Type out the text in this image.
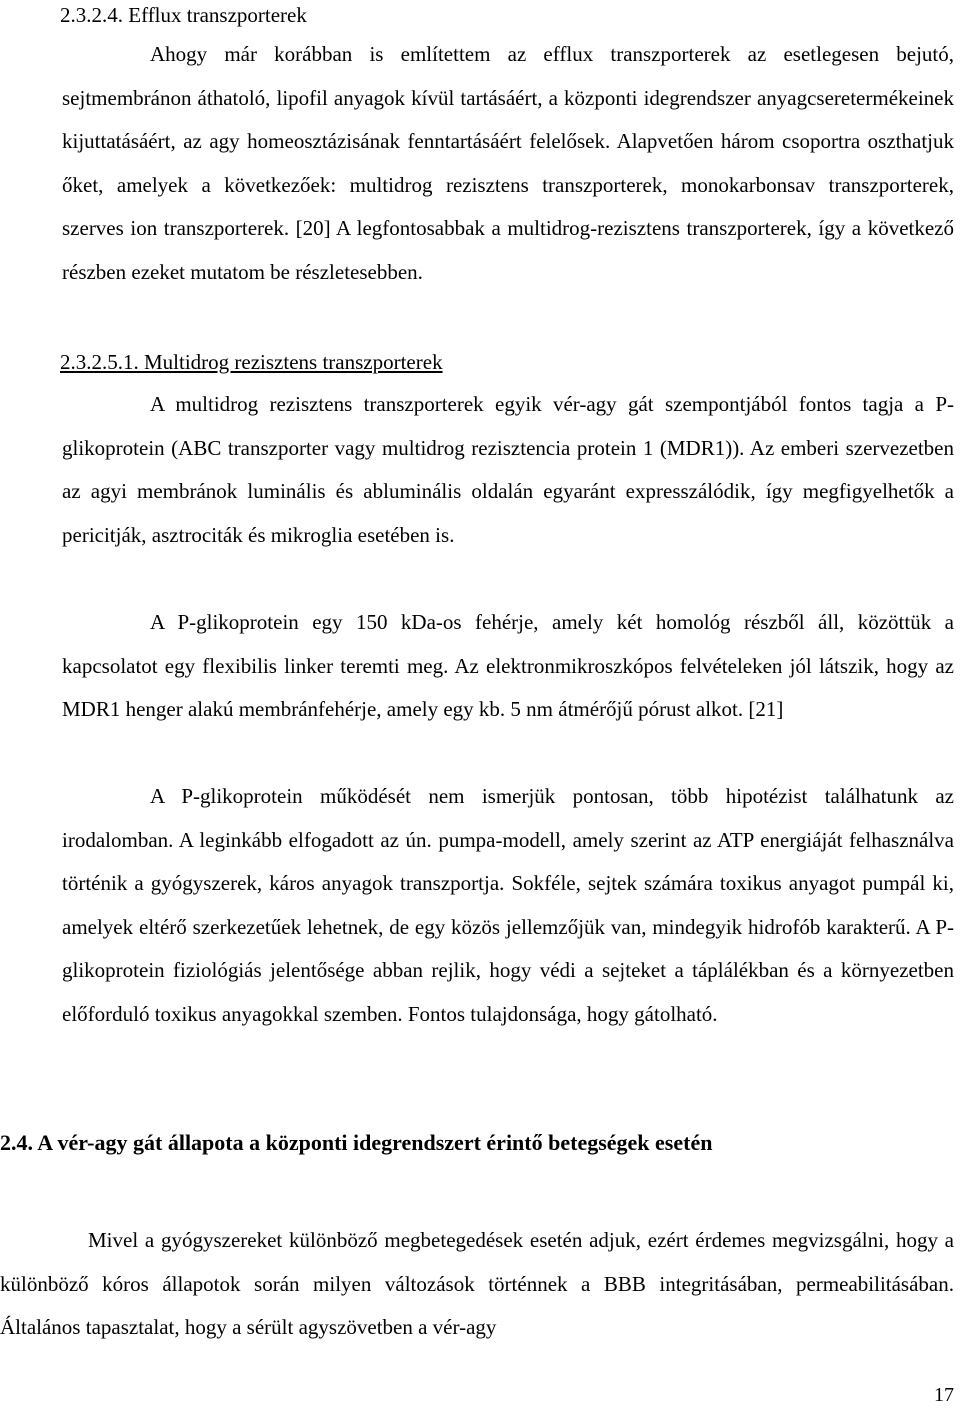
2.3.2.4. Efflux transzporterek

Ahogy már korábban is említettem az efflux transzporterek az esetlegesen bejutó, sejtmembránon áthatoló, lipofil anyagok kívül tartásáért, a központi idegrendszer anyagcseretermékeinek kijuttatásáért, az agy homeosztázisának fenntartásáért felelősek. Alapvetően három csoportra oszthatjuk őket, amelyek a következőek: multidrog rezisztens transzporterek, monokarbonsav transzporterek, szerves ion transzporterek. [20] A legfontosabbak a multidrog-rezisztens transzporterek, így a következő részben ezeket mutatom be részletesebben.

2.3.2.5.1. Multidrog rezisztens transzporterek

A multidrog rezisztens transzporterek egyik vér-agy gát szempontjából fontos tagja a P-glikoprotein (ABC transzporter vagy multidrog rezisztencia protein 1 (MDR1)). Az emberi szervezetben az agyi membránok luminális és abluminális oldalán egyaránt expresszálódik, így megfigyelhetők a pericitják, asztrociták és mikroglia esetében is.

A P-glikoprotein egy 150 kDa-os fehérje, amely két homológ részből áll, közöttük a kapcsolatot egy flexibilis linker teremti meg. Az elektronmikroszkópos felvételeken jól látszik, hogy az MDR1 henger alakú membránfehérje, amely egy kb. 5 nm átmérőjű pórust alkot. [21]

A P-glikoprotein működését nem ismerjük pontosan, több hipotézist találhatunk az irodalomban. A leginkább elfogadott az ún. pumpa-modell, amely szerint az ATP energiáját felhasználva történik a gyógyszerek, káros anyagok transzportja. Sokféle, sejtek számára toxikus anyagot pumpál ki, amelyek eltérő szerkezetűek lehetnek, de egy közös jellemzőjük van, mindegyik hidrofób karakterű. A P-glikoprotein fiziológiás jelentősége abban rejlik, hogy védi a sejteket a táplálékban és a környezetben előforduló toxikus anyagokkal szemben. Fontos tulajdonsága, hogy gátolható.

2.4. A vér-agy gát állapota a központi idegrendszert érintő betegségek esetén

Mivel a gyógyszereket különböző megbetegedések esetén adjuk, ezért érdemes megvizsgálni, hogy a különböző kóros állapotok során milyen változások történnek a BBB integritásában, permeabilitásában. Általános tapasztalat, hogy a sérült agyszövetben a vér-agy

17
